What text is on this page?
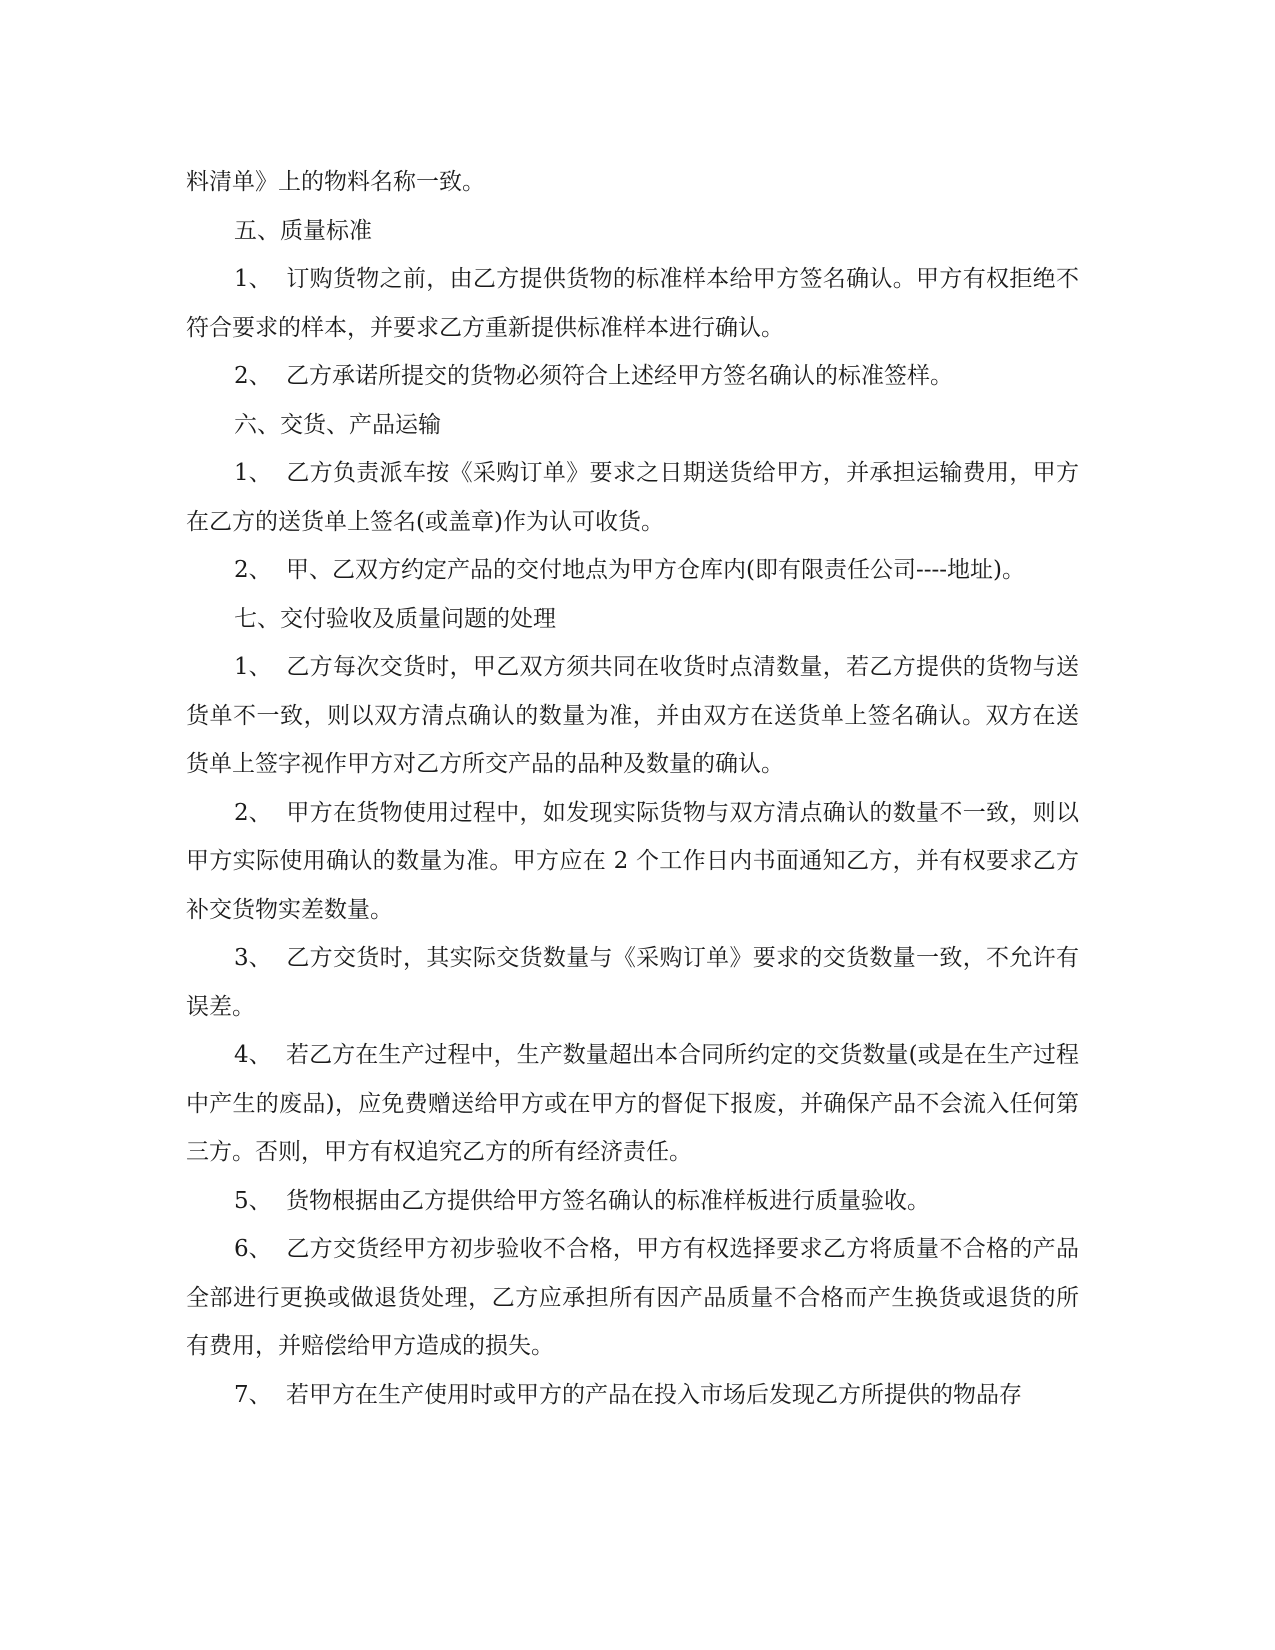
料清单》上的物料名称一致。

五、质量标准

1、 订购货物之前，由乙方提供货物的标准样本给甲方签名确认。甲方有权拒绝不符合要求的样本，并要求乙方重新提供标准样本进行确认。

2、 乙方承诺所提交的货物必须符合上述经甲方签名确认的标准签样。

六、交货、产品运输

1、 乙方负责派车按《采购订单》要求之日期送货给甲方，并承担运输费用，甲方在乙方的送货单上签名(或盖章)作为认可收货。

2、 甲、乙双方约定产品的交付地点为甲方仓库内(即有限责任公司----地址)。

七、交付验收及质量问题的处理

1、 乙方每次交货时，甲乙双方须共同在收货时点清数量，若乙方提供的货物与送货单不一致，则以双方清点确认的数量为准，并由双方在送货单上签名确认。双方在送货单上签字视作甲方对乙方所交产品的品种及数量的确认。

2、 甲方在货物使用过程中，如发现实际货物与双方清点确认的数量不一致，则以甲方实际使用确认的数量为准。甲方应在 2 个工作日内书面通知乙方，并有权要求乙方补交货物实差数量。

3、 乙方交货时，其实际交货数量与《采购订单》要求的交货数量一致，不允许有误差。

4、 若乙方在生产过程中，生产数量超出本合同所约定的交货数量(或是在生产过程中产生的废品)，应免费赠送给甲方或在甲方的督促下报废，并确保产品不会流入任何第三方。否则，甲方有权追究乙方的所有经济责任。

5、 货物根据由乙方提供给甲方签名确认的标准样板进行质量验收。

6、 乙方交货经甲方初步验收不合格，甲方有权选择要求乙方将质量不合格的产品全部进行更换或做退货处理，乙方应承担所有因产品质量不合格而产生换货或退货的所有费用，并赔偿给甲方造成的损失。

7、 若甲方在生产使用时或甲方的产品在投入市场后发现乙方所提供的物品存
